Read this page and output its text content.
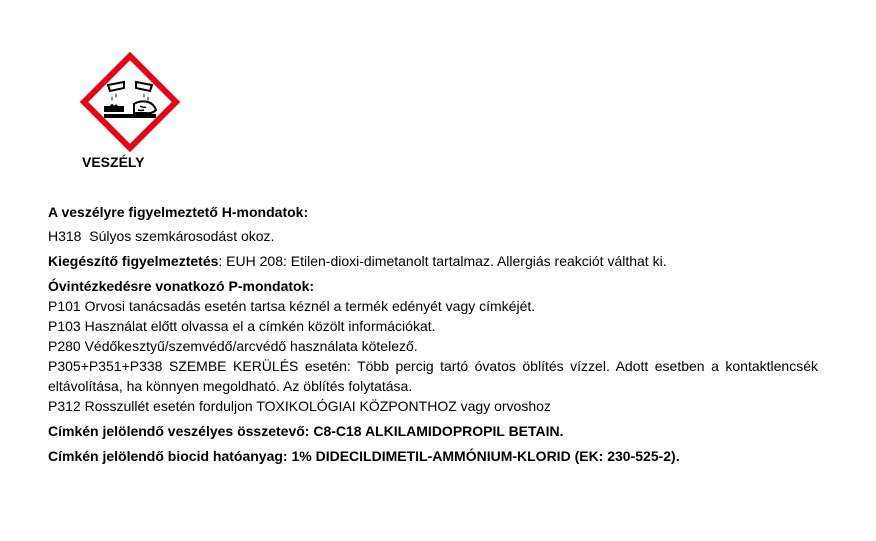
VESZÉLY

A veszélyre figyelmeztető H-mondatok:

H318 Súlyos szemkárosodást okoz.

Kiegészítő figyelmeztetés: EUH 208: Etilen-dioxi-dimetanolt tartalmaz. Allergiás reakciót válthat ki.

Óvintézkedésre vonatkozó P-mondatok:

P101 Orvosi tanácsadás esetén tartsa kéznél a termék edényét vagy címkéjét.

P103 Használat előtt olvassa el a címkén közölt információkat.

P280 Védőkesztyű/szemvédő/arcvédő használata kötelező.

P305+P351+P338 SZEMBE KERÜLÉS esetén: Több percig tartó óvatos öblítés vízzel. Adott esetben a kontaktlencsék eltávolítása, ha könnyen megoldható. Az öblítés folytatása.

P312 Rosszullét esetén forduljon TOXIKOLÓGIAI KÖZPONTHOZ vagy orvoshoz

Címkén jelölendő veszélyes összetevő: C8-C18 ALKILAMIDOPROPIL BETAIN.

Címkén jelölendő biocid hatóanyag: 1% DIDECILDIMETIL-AMMÓNIUM-KLORID (EK: 230-525-2).
